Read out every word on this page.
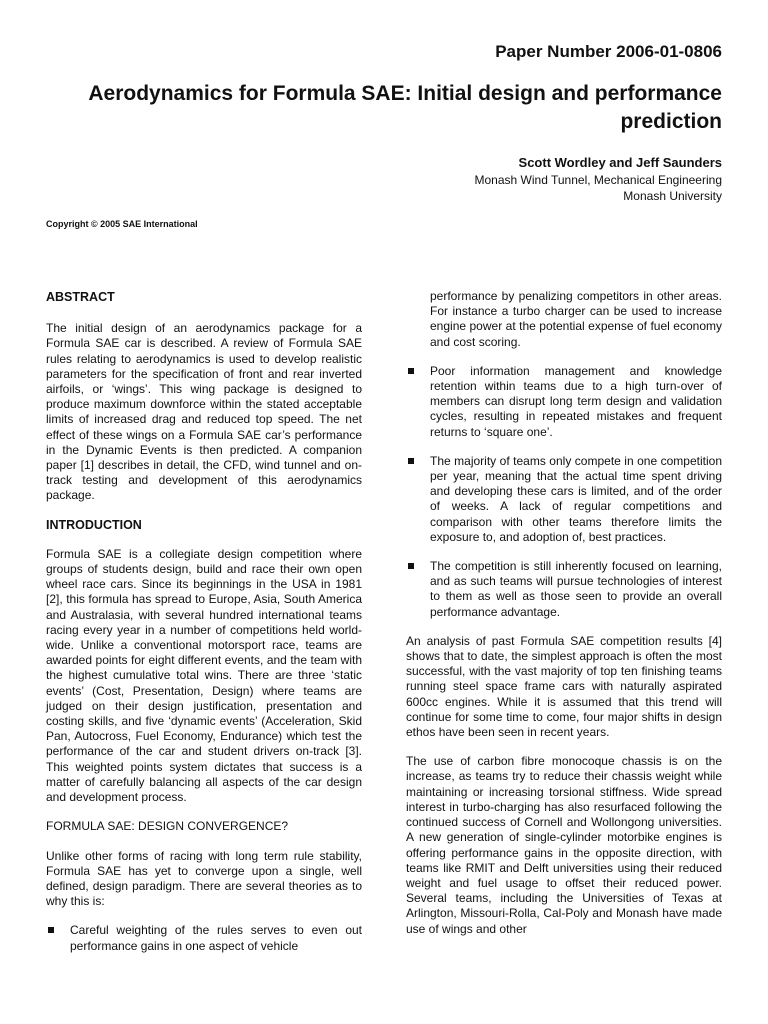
Paper Number 2006-01-0806
Aerodynamics for Formula SAE: Initial design and performance prediction
Scott Wordley and Jeff Saunders
Monash Wind Tunnel, Mechanical Engineering
Monash University
Copyright © 2005 SAE International

ABSTRACT

The initial design of an aerodynamics package for a Formula SAE car is described. A review of Formula SAE rules relating to aerodynamics is used to develop realistic parameters for the specification of front and rear inverted airfoils, or ‘wings’. This wing package is designed to produce maximum downforce within the stated acceptable limits of increased drag and reduced top speed. The net effect of these wings on a Formula SAE car’s performance in the Dynamic Events is then predicted. A companion paper [1] describes in detail, the CFD, wind tunnel and on-track testing and development of this aerodynamics package.

INTRODUCTION

Formula SAE is a collegiate design competition where groups of students design, build and race their own open wheel race cars. Since its beginnings in the USA in 1981 [2], this formula has spread to Europe, Asia, South America and Australasia, with several hundred international teams racing every year in a number of competitions held world-wide. Unlike a conventional motorsport race, teams are awarded points for eight different events, and the team with the highest cumulative total wins. There are three ‘static events’ (Cost, Presentation, Design) where teams are judged on their design justification, presentation and costing skills, and five ‘dynamic events’ (Acceleration, Skid Pan, Autocross, Fuel Economy, Endurance) which test the performance of the car and student drivers on-track [3]. This weighted points system dictates that success is a matter of carefully balancing all aspects of the car design and development process.

FORMULA SAE: DESIGN CONVERGENCE?

Unlike other forms of racing with long term rule stability, Formula SAE has yet to converge upon a single, well defined, design paradigm. There are several theories as to why this is:

Careful weighting of the rules serves to even out performance gains in one aspect of vehicle
performance by penalizing competitors in other areas. For instance a turbo charger can be used to increase engine power at the potential expense of fuel economy and cost scoring.
Poor information management and knowledge retention within teams due to a high turn-over of members can disrupt long term design and validation cycles, resulting in repeated mistakes and frequent returns to ‘square one’.
The majority of teams only compete in one competition per year, meaning that the actual time spent driving and developing these cars is limited, and of the order of weeks. A lack of regular competitions and comparison with other teams therefore limits the exposure to, and adoption of, best practices.
The competition is still inherently focused on learning, and as such teams will pursue technologies of interest to them as well as those seen to provide an overall performance advantage.

An analysis of past Formula SAE competition results [4] shows that to date, the simplest approach is often the most successful, with the vast majority of top ten finishing teams running steel space frame cars with naturally aspirated 600cc engines. While it is assumed that this trend will continue for some time to come, four major shifts in design ethos have been seen in recent years.

The use of carbon fibre monocoque chassis is on the increase, as teams try to reduce their chassis weight while maintaining or increasing torsional stiffness. Wide spread interest in turbo-charging has also resurfaced following the continued success of Cornell and Wollongong universities. A new generation of single-cylinder motorbike engines is offering performance gains in the opposite direction, with teams like RMIT and Delft universities using their reduced weight and fuel usage to offset their reduced power. Several teams, including the Universities of Texas at Arlington, Missouri-Rolla, Cal-Poly and Monash have made use of wings and other
